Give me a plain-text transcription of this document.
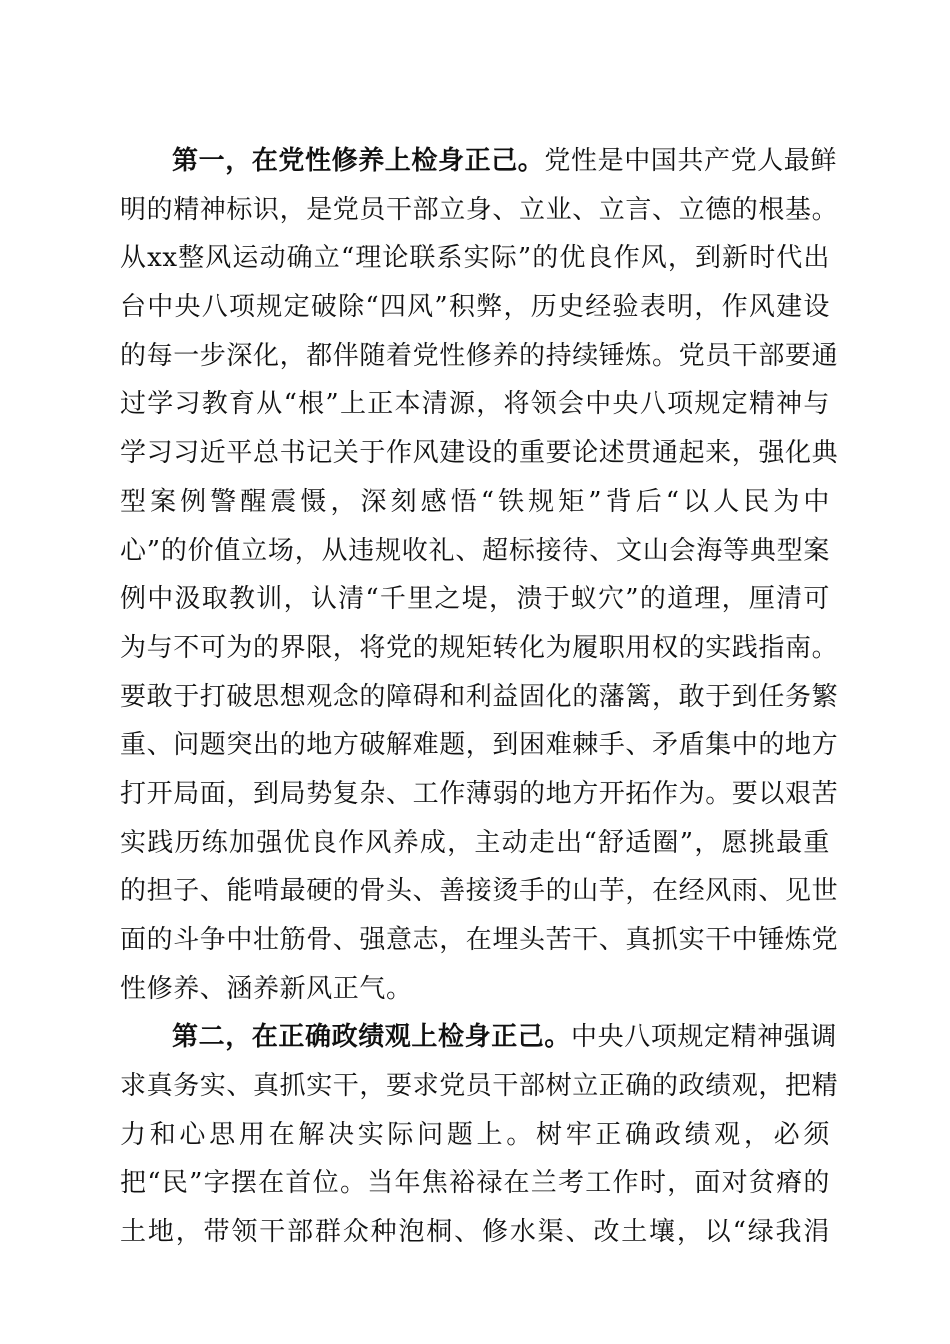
第一，在党性修养上检身正己。党性是中国共产党人最鲜
明的精神标识，是党员干部立身、立业、立言、立德的根基。
从xx整风运动确立“理论联系实际”的优良作风，到新时代出
台中央八项规定破除“四风”积弊，历史经验表明，作风建设
的每一步深化，都伴随着党性修养的持续锤炼。党员干部要通
过学习教育从“根”上正本清源，将领会中央八项规定精神与
学习习近平总书记关于作风建设的重要论述贯通起来，强化典
型案例警醒震慑，深刻感悟“铁规矩”背后“以人民为中
心”的价值立场，从违规收礼、超标接待、文山会海等典型案
例中汲取教训，认清“千里之堤，溃于蚁穴”的道理，厘清可
为与不可为的界限，将党的规矩转化为履职用权的实践指南。
要敢于打破思想观念的障碍和利益固化的藩篱，敢于到任务繁
重、问题突出的地方破解难题，到困难棘手、矛盾集中的地方
打开局面，到局势复杂、工作薄弱的地方开拓作为。要以艰苦
实践历练加强优良作风养成，主动走出“舒适圈”，愿挑最重
的担子、能啃最硬的骨头、善接烫手的山芋，在经风雨、见世
面的斗争中壮筋骨、强意志，在埋头苦干、真抓实干中锤炼党
性修养、涵养新风正气。
第二，在正确政绩观上检身正己。中央八项规定精神强调
求真务实、真抓实干，要求党员干部树立正确的政绩观，把精
力和心思用在解决实际问题上。树牢正确政绩观，必须
把“民”字摆在首位。当年焦裕禄在兰考工作时，面对贫瘠的
土地，带领干部群众种泡桐、修水渠、改土壤，以“绿我涓
